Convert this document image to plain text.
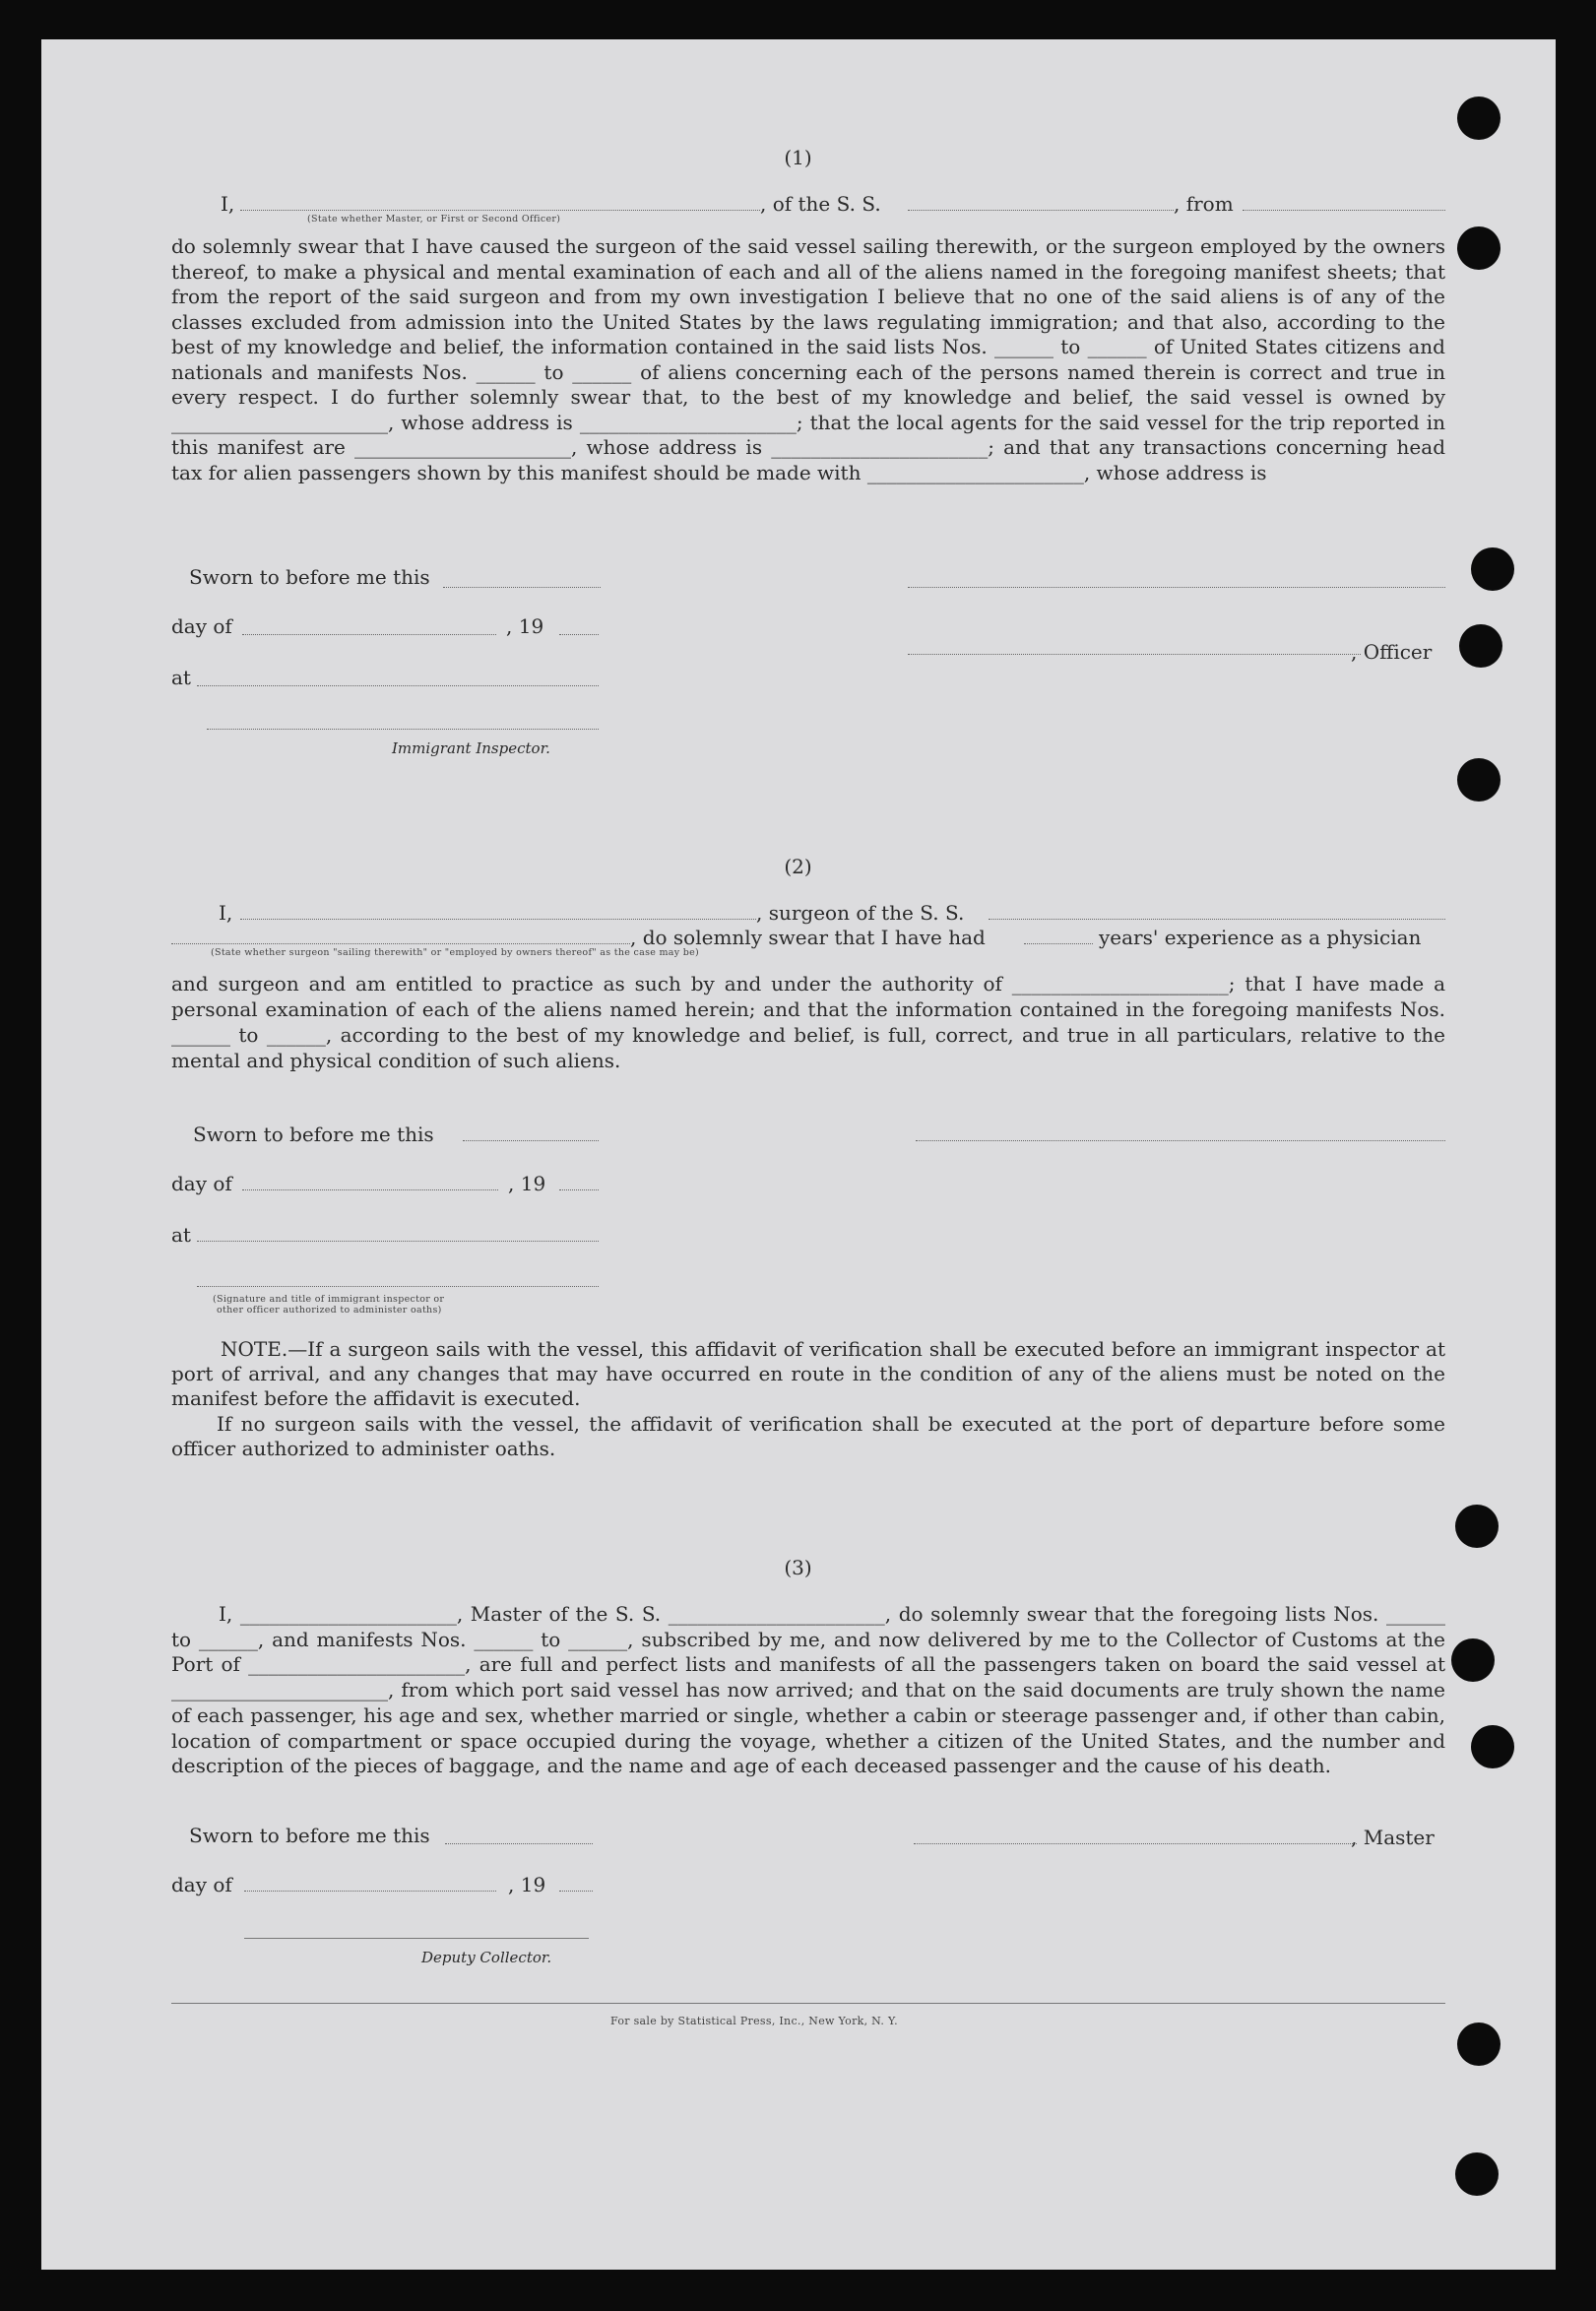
(1)
I,	, of the S. S.	, from
(State whether Master, or First or Second Officer)
do solemnly swear that I have caused the surgeon of the said vessel sailing therewith, or the surgeon employed by the owners thereof, to make a physical and mental examination of each and all of the aliens named in the foregoing manifest sheets; that from the report of the said surgeon and from my own investigation I believe that no one of the said aliens is of any of the classes excluded from admission into the United States by the laws regulating immigration; and that also, according to the best of my knowledge and belief, the information contained in the said lists Nos. ______ to ______ of United States citizens and nationals and manifests Nos. ______ to ______ of aliens concerning each of the persons named therein is correct and true in every respect. I do further solemnly swear that, to the best of my knowledge and belief, the said vessel is owned by ______________________, whose address is ______________________; that the local agents for the said vessel for the trip reported in this manifest are ______________________, whose address is ______________________; and that any transactions concerning head tax for alien passengers shown by this manifest should be made with ______________________, whose address is
Sworn to before me this
day of	, 19
, Officer
at
Immigrant Inspector.
(2)
I,	, surgeon of the S. S.
, do solemnly swear that I have had	years' experience as a physician
(State whether surgeon "sailing therewith" or "employed by owners thereof" as the case may be)
and surgeon and am entitled to practice as such by and under the authority of ______________________; that I have made a personal examination of each of the aliens named herein; and that the information contained in the foregoing manifests Nos. ______ to ______, according to the best of my knowledge and belief, is full, correct, and true in all particulars, relative to the mental and physical condition of such aliens.
Sworn to before me this
day of	, 19
at
(Signature and title of immigrant inspector or
other officer authorized to administer oaths)
NOTE.—If a surgeon sails with the vessel, this affidavit of verification shall be executed before an immigrant inspector at port of arrival, and any changes that may have occurred en route in the condition of any of the aliens must be noted on the manifest before the affidavit is executed.
If no surgeon sails with the vessel, the affidavit of verification shall be executed at the port of departure before some officer authorized to administer oaths.
(3)
I, ______________________, Master of the S. S. ______________________, do solemnly swear that the foregoing lists Nos. ______ to ______, and manifests Nos. ______ to ______, subscribed by me, and now delivered by me to the Collector of Customs at the Port of ______________________, are full and perfect lists and manifests of all the passengers taken on board the said vessel at ______________________, from which port said vessel has now arrived; and that on the said documents are truly shown the name of each passenger, his age and sex, whether married or single, whether a cabin or steerage passenger and, if other than cabin, location of compartment or space occupied during the voyage, whether a citizen of the United States, and the number and description of the pieces of baggage, and the name and age of each deceased passenger and the cause of his death.
Sworn to before me this	, Master
day of	, 19
Deputy Collector.
For sale by Statistical Press, Inc., New York, N. Y.
